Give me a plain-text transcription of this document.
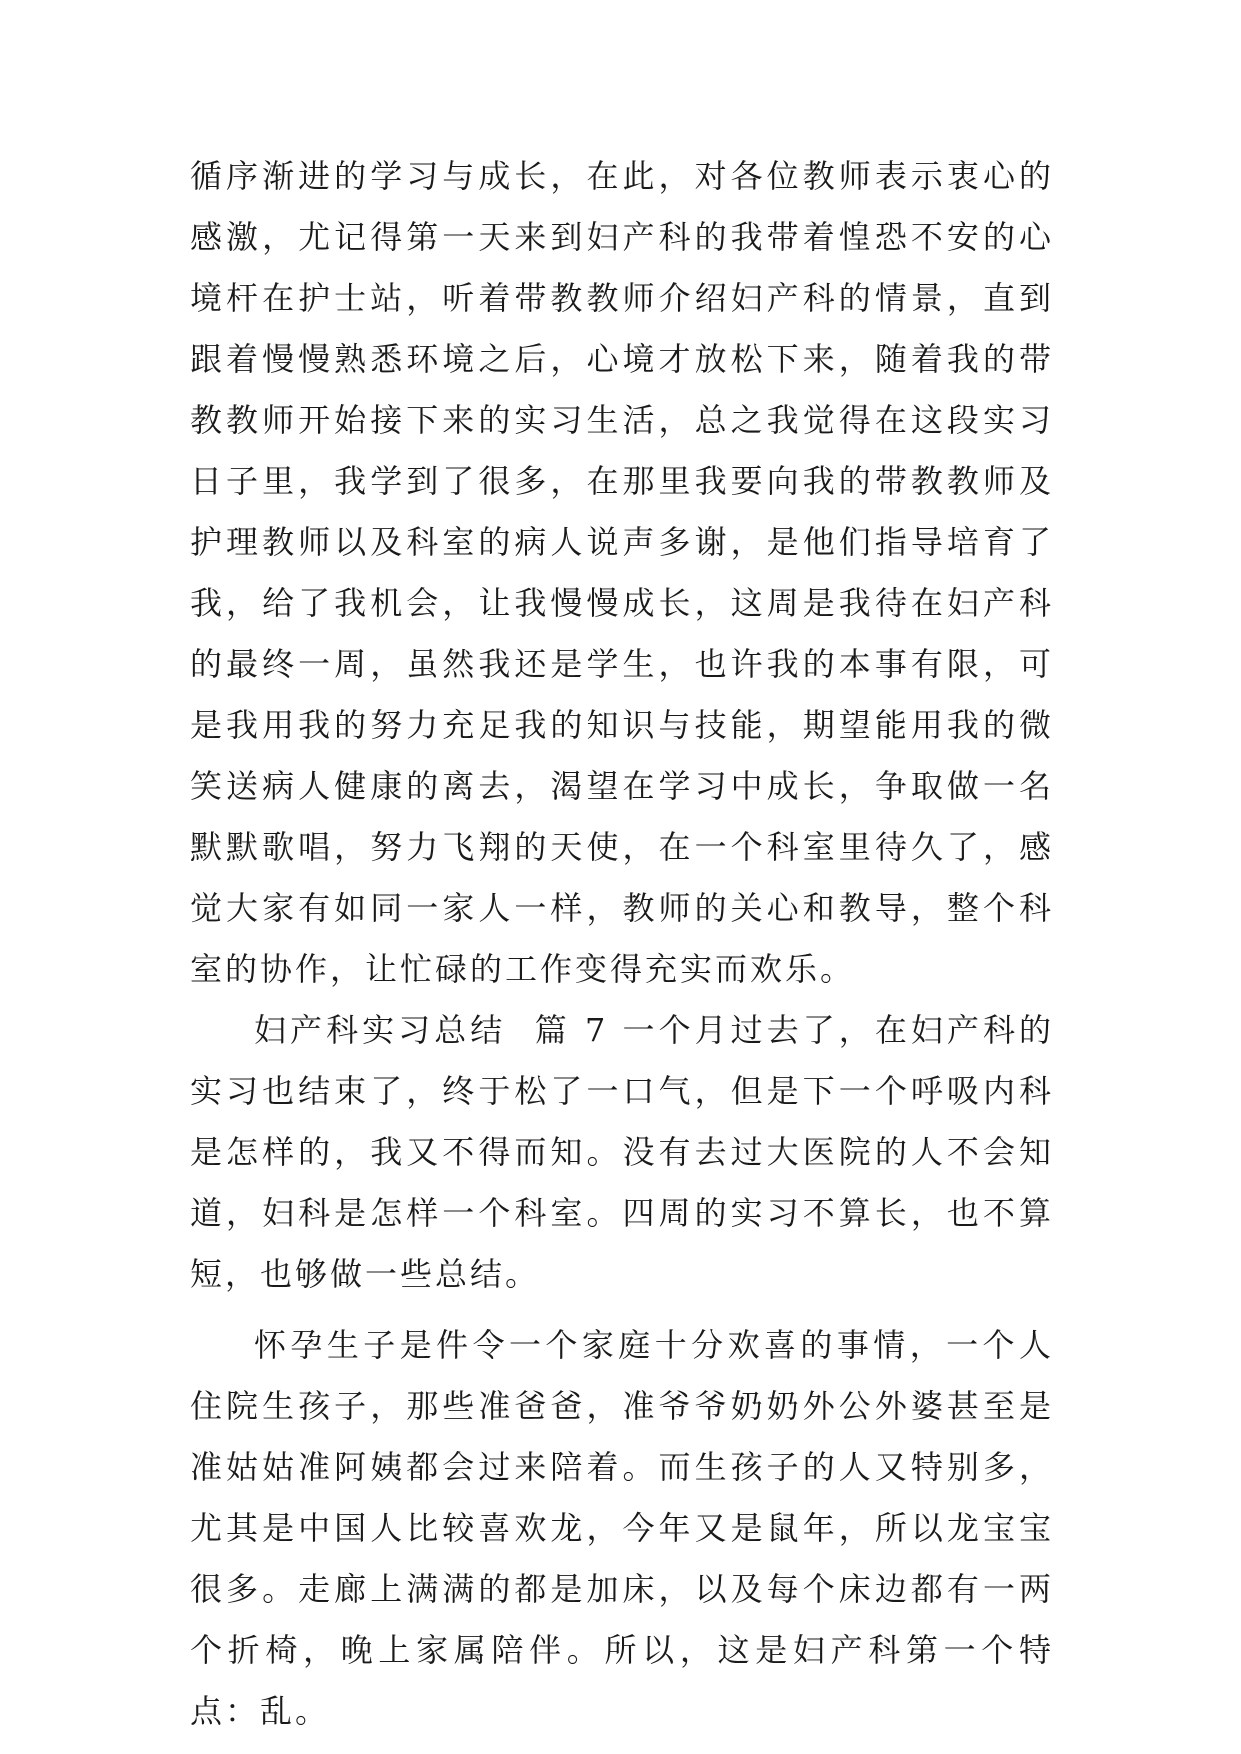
循序渐进的学习与成长，在此，对各位教师表示衷心的感激，尤记得第一天来到妇产科的我带着惶恐不安的心境杆在护士站，听着带教教师介绍妇产科的情景，直到跟着慢慢熟悉环境之后，心境才放松下来，随着我的带教教师开始接下来的实习生活，总之我觉得在这段实习日子里，我学到了很多，在那里我要向我的带教教师及护理教师以及科室的病人说声多谢，是他们指导培育了我，给了我机会，让我慢慢成长，这周是我待在妇产科的最终一周，虽然我还是学生，也许我的本事有限，可是我用我的努力充足我的知识与技能，期望能用我的微笑送病人健康的离去，渴望在学习中成长，争取做一名默默歌唱，努力飞翔的天使，在一个科室里待久了，感觉大家有如同一家人一样，教师的关心和教导，整个科室的协作，让忙碌的工作变得充实而欢乐。

妇产科实习总结  篇 7 一个月过去了，在妇产科的实习也结束了，终于松了一口气，但是下一个呼吸内科是怎样的，我又不得而知。没有去过大医院的人不会知道，妇科是怎样一个科室。四周的实习不算长，也不算短，也够做一些总结。

怀孕生子是件令一个家庭十分欢喜的事情，一个人住院生孩子，那些准爸爸，准爷爷奶奶外公外婆甚至是准姑姑准阿姨都会过来陪着。而生孩子的人又特别多，尤其是中国人比较喜欢龙，今年又是鼠年，所以龙宝宝很多。走廊上满满的都是加床，以及每个床边都有一两个折椅，晚上家属陪伴。所以，这是妇产科第一个特点：乱。
